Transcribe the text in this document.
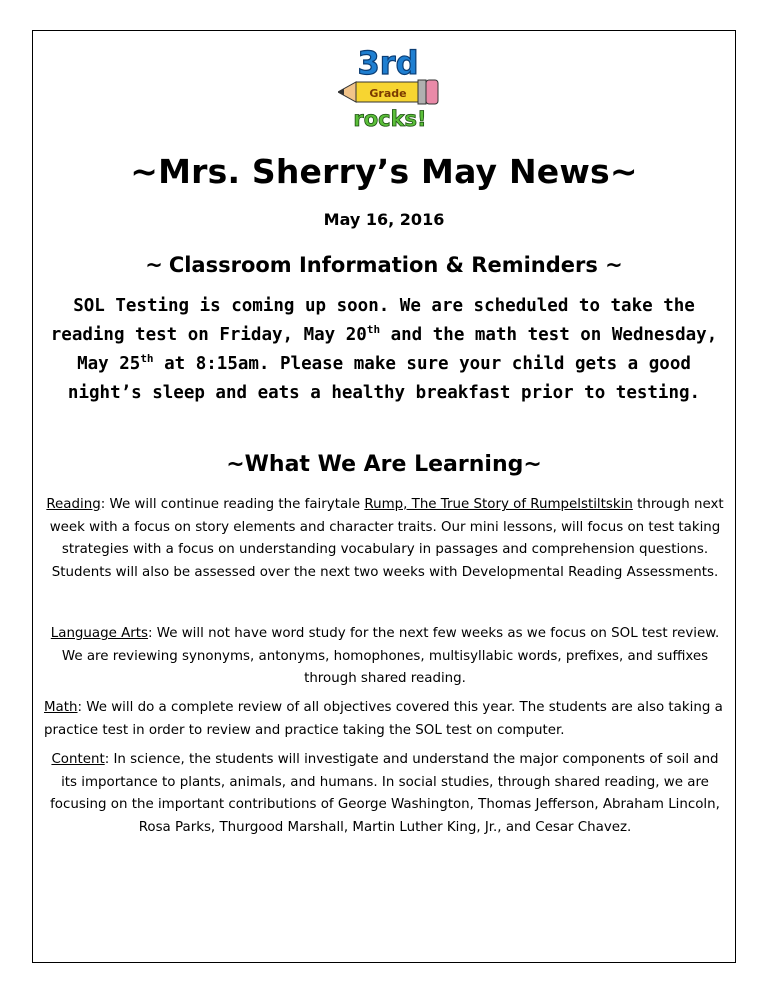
3rd
Grade
rocks!
~Mrs. Sherry’s May News~
May 16, 2016
~ Classroom Information & Reminders ~
SOL Testing is coming up soon. We are scheduled to take the reading test on Friday, May 20th and the math test on Wednesday, May 25th at 8:15am. Please make sure your child gets a good night’s sleep and eats a healthy breakfast prior to testing.
~What We Are Learning~
Reading: We will continue reading the fairytale Rump, The True Story of Rumpelstiltskin through next week with a focus on story elements and character traits. Our mini lessons, will focus on test taking strategies with a focus on understanding vocabulary in passages and comprehension questions. Students will also be assessed over the next two weeks with Developmental Reading Assessments.
Language Arts: We will not have word study for the next few weeks as we focus on SOL test review. We are reviewing synonyms, antonyms, homophones, multisyllabic words, prefixes, and suffixes through shared reading.
Math: We will do a complete review of all objectives covered this year. The students are also taking a practice test in order to review and practice taking the SOL test on computer.
Content: In science, the students will investigate and understand the major components of soil and its importance to plants, animals, and humans. In social studies, through shared reading, we are focusing on the important contributions of George Washington, Thomas Jefferson, Abraham Lincoln, Rosa Parks, Thurgood Marshall, Martin Luther King, Jr., and Cesar Chavez.
